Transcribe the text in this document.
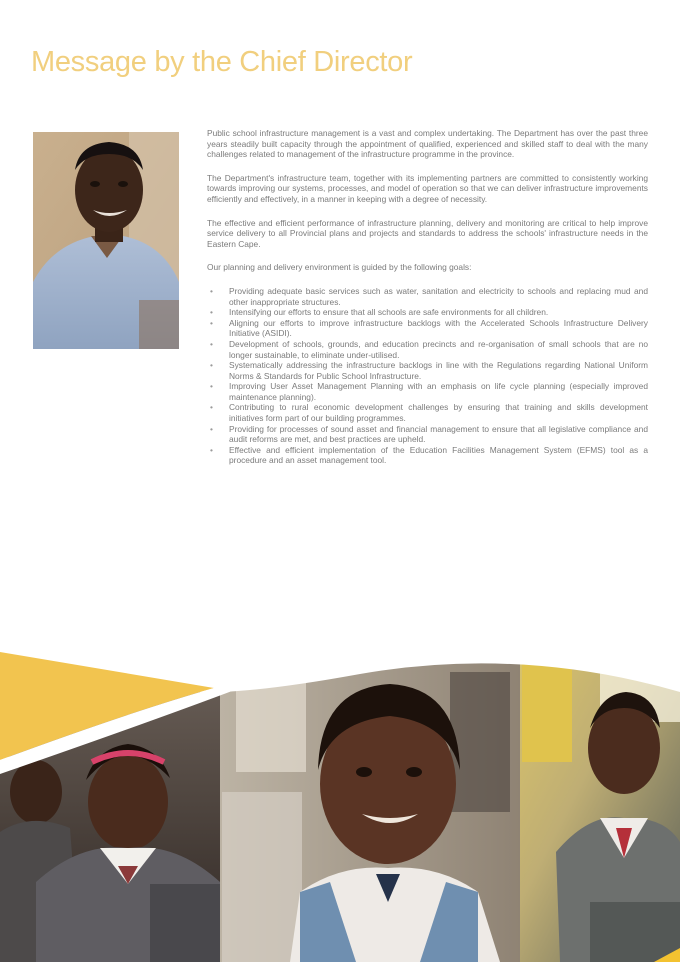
Message by the Chief Director

Public school infrastructure management is a vast and complex undertaking. The Department has over the past three years steadily built capacity through the appointment of qualified, experienced and skilled staff to deal with the many challenges related to management of the infrastructure programme in the province.

The Department's infrastructure team, together with its implementing partners are committed to consistently working towards improving our systems, processes, and model of operation so that we can deliver infrastructure improvements efficiently and effectively, in a manner in keeping with a degree of necessity.

The effective and efficient performance of infrastructure planning, delivery and monitoring are critical to help improve service delivery to all Provincial plans and projects and standards to address the schools' infrastructure needs in the Eastern Cape.

Our planning and delivery environment is guided by the following goals:

• Providing adequate basic services such as water, sanitation and electricity to schools and replacing mud and other inappropriate structures.
• Intensifying our efforts to ensure that all schools are safe environments for all children.
• Aligning our efforts to improve infrastructure backlogs with the Accelerated Schools Infrastructure Delivery Initiative (ASIDI).
• Development of schools, grounds, and education precincts and re-organisation of small schools that are no longer sustainable, to eliminate under-utilised.
• Systematically addressing the infrastructure backlogs in line with the Regulations regarding National Uniform Norms & Standards for Public School Infrastructure.
• Improving User Asset Management Planning with an emphasis on life cycle planning (especially improved maintenance planning).
• Contributing to rural economic development challenges by ensuring that training and skills development initiatives form part of our building programmes.
• Providing for processes of sound asset and financial management to ensure that all legislative compliance and audit reforms are met, and best practices are upheld.
• Effective and efficient implementation of the Education Facilities Management System (EFMS) tool as a procedure and an asset management tool.
